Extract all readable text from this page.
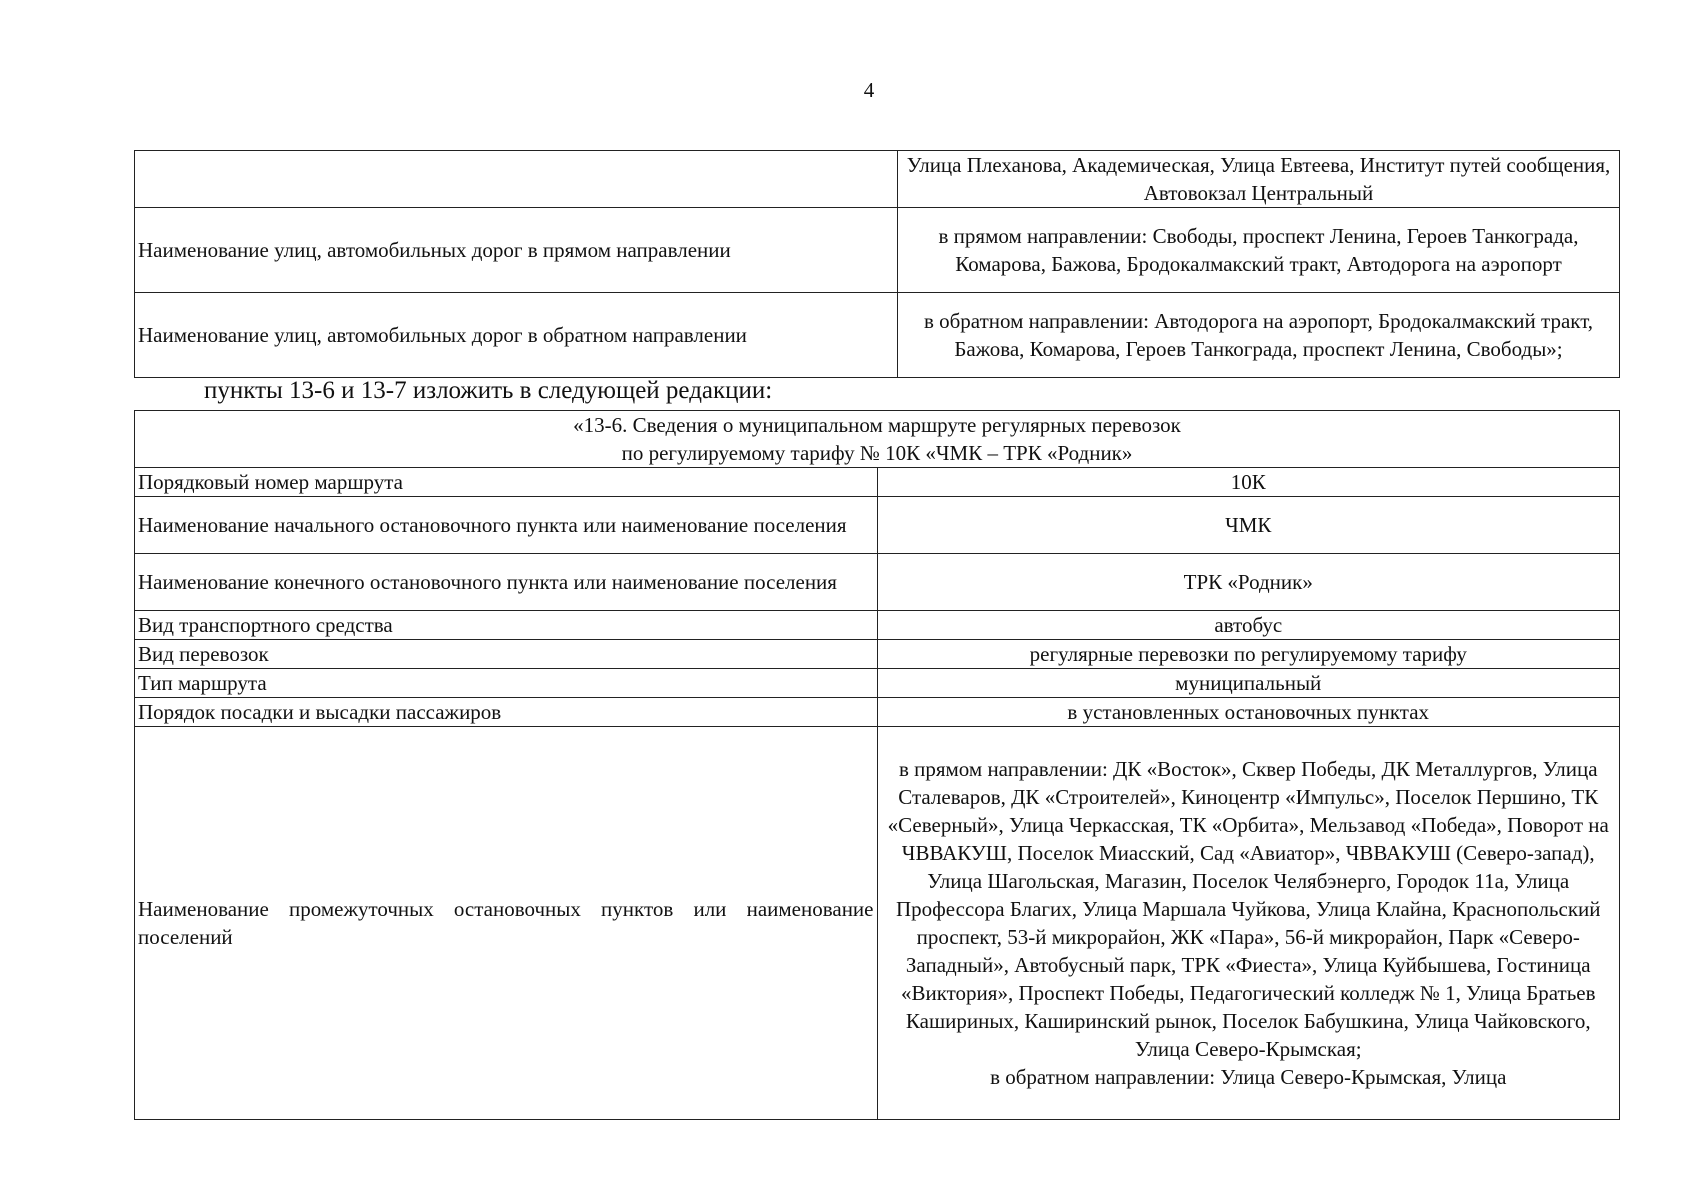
4
	Улица Плеханова, Академическая, Улица Евтеева, Институт путей сообщения, Автовокзал Центральный
Наименование улиц, автомобильных дорог в прямом направлении	в прямом направлении: Свободы, проспект Ленина, Героев Танкограда, Комарова, Бажова, Бродокалмакский тракт, Автодорога на аэропорт
Наименование улиц, автомобильных дорог в обратном направлении	в обратном направлении: Автодорога на аэропорт, Бродокалмакский тракт, Бажова, Комарова, Героев Танкограда, проспект Ленина, Свободы»;
пункты 13-6 и 13-7 изложить в следующей редакции:
«13-6. Сведения о муниципальном маршруте регулярных перевозок
по регулируемому тарифу № 10К «ЧМК – ТРК «Родник»	

Порядковый номер маршрута	10К
Наименование начального остановочного пункта или наименование поселения	ЧМК
Наименование конечного остановочного пункта или наименование поселения	ТРК «Родник»
Вид транспортного средства	автобус
Вид перевозок	регулярные перевозки по регулируемому тарифу
Тип маршрута	муниципальный
Порядок посадки и высадки пассажиров	в установленных остановочных пунктах
Наименование промежуточных остановочных пунктов или наименование поселений	в прямом направлении: ДК «Восток», Сквер Победы, ДК Металлургов, Улица Сталеваров, ДК «Строителей», Киноцентр «Импульс», Поселок Першино, ТК «Северный», Улица Черкасская, ТК «Орбита», Мельзавод «Победа», Поворот на ЧВВАКУШ, Поселок Миасский, Сад «Авиатор», ЧВВАКУШ (Северо-запад), Улица Шагольская, Магазин, Поселок Челябэнерго, Городок 11а, Улица Профессора Благих, Улица Маршала Чуйкова, Улица Клайна, Краснопольский проспект, 53-й микрорайон, ЖК «Пара», 56-й микрорайон, Парк «Северо-Западный», Автобусный парк, ТРК «Фиеста», Улица Куйбышева, Гостиница «Виктория», Проспект Победы, Педагогический колледж № 1, Улица Братьев Кашириных, Каширинский рынок, Поселок Бабушкина, Улица Чайковского, Улица Северо-Крымская;
в обратном направлении: Улица Северо-Крымская, Улица
